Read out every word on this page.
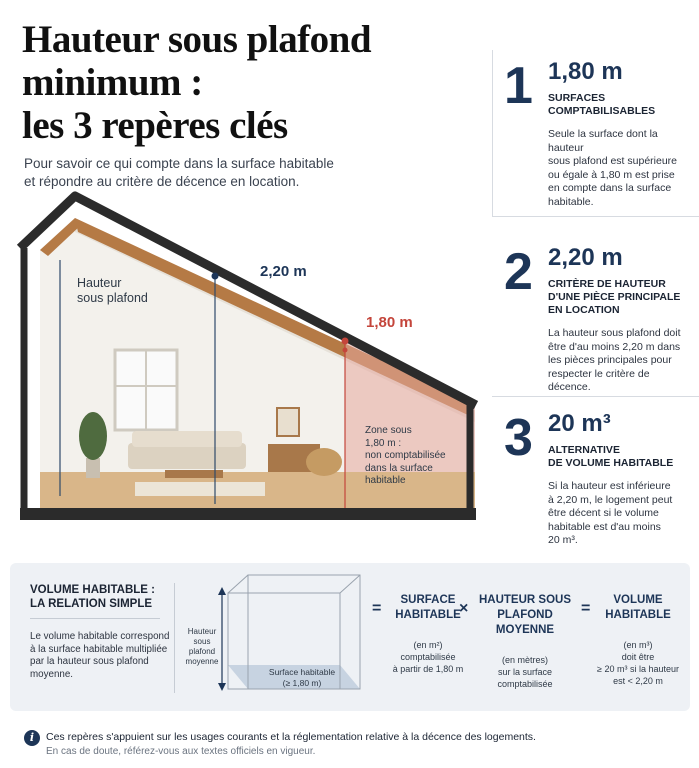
Hauteur sous plafond
minimum :
les 3 repères clés
Pour savoir ce qui compte dans la surface habitable
et répondre au critère de décence en location.
Hauteur
sous plafond
2,20 m
1,80 m
Zone sous
1,80 m :
non comptabilisée
dans la surface
habitable
1 1,80 m
SURFACES
COMPTABILISABLES
Seule la surface dont la hauteur
sous plafond est supérieure
ou égale à 1,80 m est prise
en compte dans la surface
habitable.
2 2,20 m
CRITÈRE DE HAUTEUR
D'UNE PIÈCE PRINCIPALE
EN LOCATION
La hauteur sous plafond doit
être d'au moins 2,20 m dans
les pièces principales pour
respecter le critère de décence.
3 20 m³
ALTERNATIVE
DE VOLUME HABITABLE
Si la hauteur est inférieure
à 2,20 m, le logement peut
être décent si le volume
habitable est d'au moins
20 m³.
VOLUME HABITABLE :
LA RELATION SIMPLE
Le volume habitable correspond
à la surface habitable multipliée
par la hauteur sous plafond
moyenne.
Hauteur
sous plafond
moyenne
Surface habitable
(≥ 1,80 m)
=	SURFACE
HABITABLE
(en m²)
comptabilisée
à partir de 1,80 m
× HAUTEUR SOUS
PLAFOND MOYENNE
(en mètres)
sur la surface
comptabilisée
=	VOLUME
HABITABLE
(en m³)
doit être
≥ 20 m³ si la hauteur
est < 2,20 m
i	Ces repères s'appuient sur les usages courants et la réglementation relative à la décence des logements.
En cas de doute, référez-vous aux textes officiels en vigueur.
